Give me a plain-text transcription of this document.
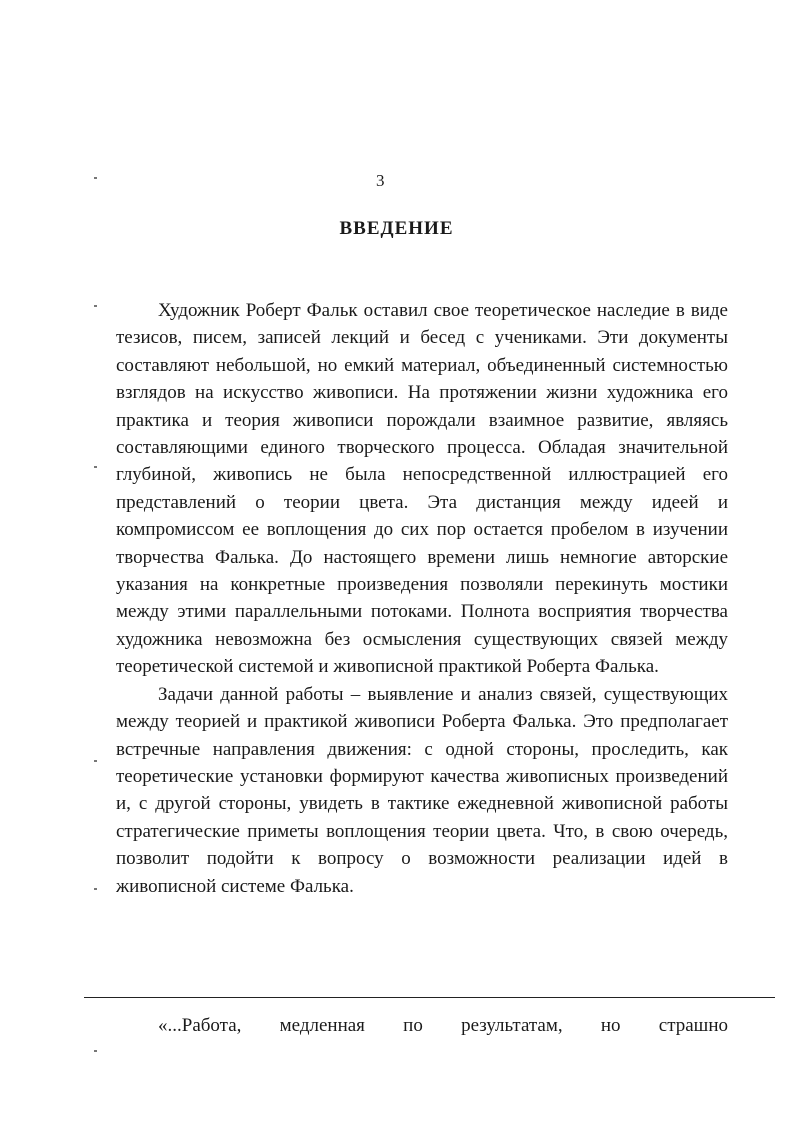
3
ВВЕДЕНИЕ

Художник Роберт Фальк оставил свое теоретическое наследие в виде тезисов, писем, записей лекций и бесед с учениками. Эти документы составляют небольшой, но емкий материал, объединенный системностью взглядов на искусство живописи. На протяжении жизни художника его практика и теория живописи порождали взаимное развитие, являясь составляющими единого творческого процесса. Обладая значительной глубиной, живопись не была непосредственной иллюстрацией его представлений о теории цвета. Эта дистанция между идеей и компромиссом ее воплощения до сих пор остается пробелом в изучении творчества Фалька. До настоящего времени лишь немногие авторские указания на конкретные произведения позволяли перекинуть мостики между этими параллельными потоками. Полнота восприятия творчества художника невозможна без осмысления существующих связей между теоретической системой и живописной практикой Роберта Фалька.

Задачи данной работы – выявление и анализ связей, существующих между теорией и практикой живописи Роберта Фалька. Это предполагает встречные направления движения: с одной стороны, проследить, как теоретические установки формируют качества живописных произведений и, с другой стороны, увидеть в тактике ежедневной живописной работы стратегические приметы воплощения теории цвета. Что, в свою очередь, позволит подойти к вопросу о возможности реализации идей в живописной системе Фалька.

«...Работа, медленная по результатам, но страшно
